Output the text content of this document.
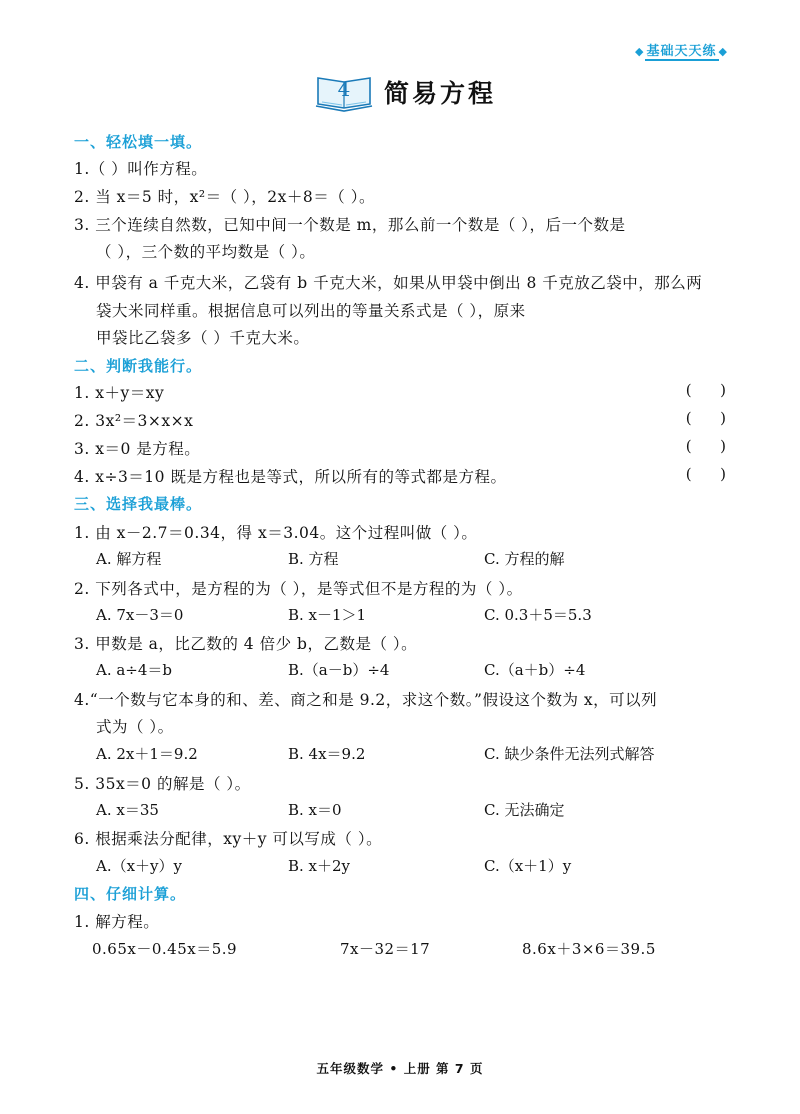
◆ 基础天天练 ◆
4	简易方程
一、轻松填一填。
1.（ ）叫作方程。
2. 当 x＝5 时，x²＝（ ），2x＋8＝（ ）。
3. 三个连续自然数，已知中间一个数是 m，那么前一个数是（ ），后一个数是
（ ），三个数的平均数是（ ）。
4. 甲袋有 a 千克大米，乙袋有 b 千克大米，如果从甲袋中倒出 8 千克放乙袋中，那么两
袋大米同样重。根据信息可以列出的等量关系式是（ ），原来
甲袋比乙袋多（ ）千克大米。
二、判断我能行。
1. x＋y＝xy	(      )
2. 3x²＝3×x×x	(      )
3. x＝0 是方程。	(      )
4. x÷3＝10 既是方程也是等式，所以所有的等式都是方程。	(      )
三、选择我最棒。
1. 由 x－2.7＝0.34，得 x＝3.04。这个过程叫做（ ）。
A. 解方程	B. 方程	C. 方程的解
2. 下列各式中，是方程的为（ ），是等式但不是方程的为（ ）。
A. 7x－3＝0	B. x－1＞1	C. 0.3＋5＝5.3
3. 甲数是 a，比乙数的 4 倍少 b，乙数是（ ）。
A. a÷4＝b	B.（a－b）÷4	C.（a＋b）÷4
4.“一个数与它本身的和、差、商之和是 9.2，求这个数。”假设这个数为 x，可以列
式为（ ）。
A. 2x＋1＝9.2	B. 4x＝9.2	C. 缺少条件无法列式解答
5. 35x＝0 的解是（ ）。
A. x＝35	B. x＝0	C. 无法确定
6. 根据乘法分配律，xy＋y 可以写成（ ）。
A.（x＋y）y	B. x＋2y	C.（x＋1）y
四、仔细计算。
1. 解方程。
0.65x－0.45x＝5.9	7x－32＝17	8.6x＋3×6＝39.5
五年级数学 • 上册 第 7 页
